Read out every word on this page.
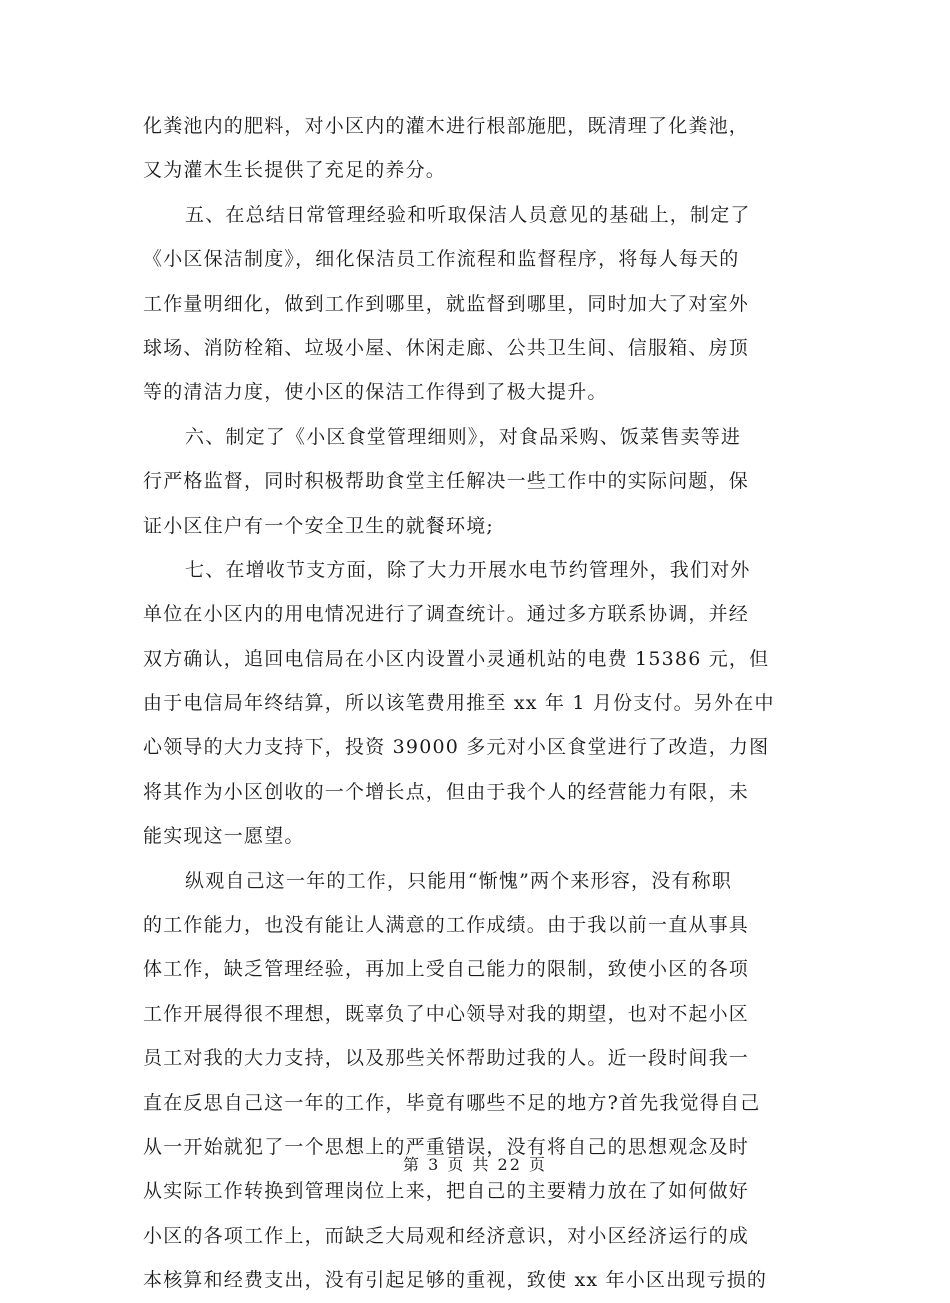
化粪池内的肥料，对小区内的灌木进行根部施肥，既清理了化粪池，
又为灌木生长提供了充足的养分。
五、在总结日常管理经验和听取保洁人员意见的基础上，制定了
《小区保洁制度》，细化保洁员工作流程和监督程序，将每人每天的
工作量明细化，做到工作到哪里，就监督到哪里，同时加大了对室外
球场、消防栓箱、垃圾小屋、休闲走廊、公共卫生间、信服箱、房顶
等的清洁力度，使小区的保洁工作得到了极大提升。
六、制定了《小区食堂管理细则》，对食品采购、饭菜售卖等进
行严格监督，同时积极帮助食堂主任解决一些工作中的实际问题，保
证小区住户有一个安全卫生的就餐环境;
七、在增收节支方面，除了大力开展水电节约管理外，我们对外
单位在小区内的用电情况进行了调查统计。通过多方联系协调，并经
双方确认，追回电信局在小区内设置小灵通机站的电费 15386 元，但
由于电信局年终结算，所以该笔费用推至 xx 年 1 月份支付。另外在中
心领导的大力支持下，投资 39000 多元对小区食堂进行了改造，力图
将其作为小区创收的一个增长点，但由于我个人的经营能力有限，未
能实现这一愿望。
纵观自己这一年的工作，只能用“惭愧”两个来形容，没有称职
的工作能力，也没有能让人满意的工作成绩。由于我以前一直从事具
体工作，缺乏管理经验，再加上受自己能力的限制，致使小区的各项
工作开展得很不理想，既辜负了中心领导对我的期望，也对不起小区
员工对我的大力支持，以及那些关怀帮助过我的人。近一段时间我一
直在反思自己这一年的工作，毕竟有哪些不足的地方?首先我觉得自己
从一开始就犯了一个思想上的严重错误，没有将自己的思想观念及时
从实际工作转换到管理岗位上来，把自己的主要精力放在了如何做好
小区的各项工作上，而缺乏大局观和经济意识，对小区经济运行的成
本核算和经费支出，没有引起足够的重视，致使 xx 年小区出现亏损的
第 3 页 共 22 页
